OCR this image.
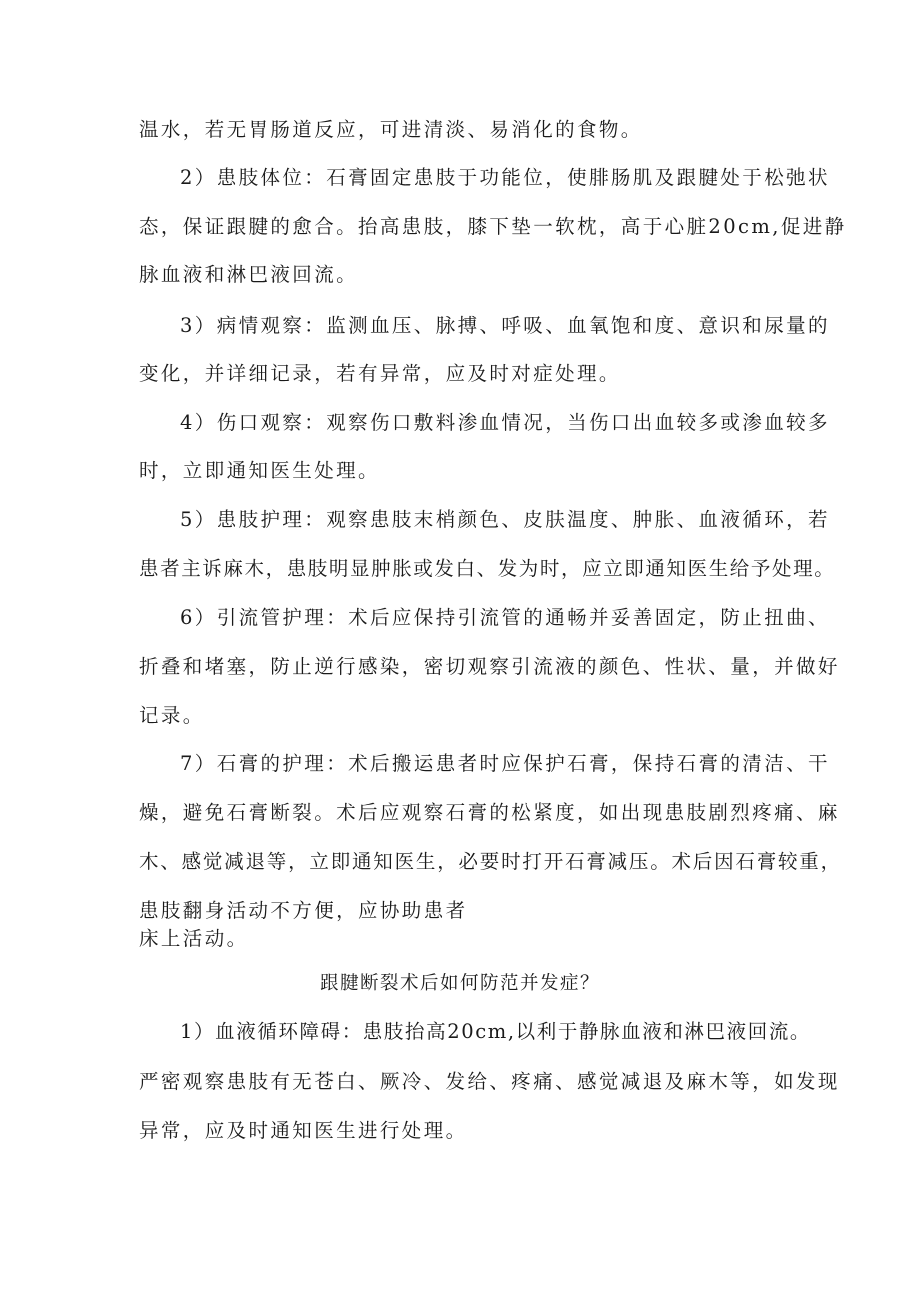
温水，若无胃肠道反应，可进清淡、易消化的食物。
2）患肢体位：石膏固定患肢于功能位，使腓肠肌及跟腱处于松弛状
态，保证跟腱的愈合。抬高患肢，膝下垫一软枕，高于心脏20cm,促进静
脉血液和淋巴液回流。
3）病情观察：监测血压、脉搏、呼吸、血氧饱和度、意识和尿量的
变化，并详细记录，若有异常，应及时对症处理。
4）伤口观察：观察伤口敷料渗血情况，当伤口出血较多或渗血较多
时，立即通知医生处理。
5）患肢护理：观察患肢末梢颜色、皮肤温度、肿胀、血液循环，若
患者主诉麻木，患肢明显肿胀或发白、发为时，应立即通知医生给予处理。
6）引流管护理：术后应保持引流管的通畅并妥善固定，防止扭曲、
折叠和堵塞，防止逆行感染，密切观察引流液的颜色、性状、量，并做好
记录。
7）石膏的护理：术后搬运患者时应保护石膏，保持石膏的清洁、干
燥，避免石膏断裂。术后应观察石膏的松紧度，如出现患肢剧烈疼痛、麻
木、感觉减退等，立即通知医生，必要时打开石膏减压。术后因石膏较重，
患肢翻身活动不方便，应协助患者
床上活动。
跟腱断裂术后如何防范并发症？
1）血液循环障碍：患肢抬高20cm,以利于静脉血液和淋巴液回流。
严密观察患肢有无苍白、厥冷、发给、疼痛、感觉减退及麻木等，如发现
异常，应及时通知医生进行处理。
